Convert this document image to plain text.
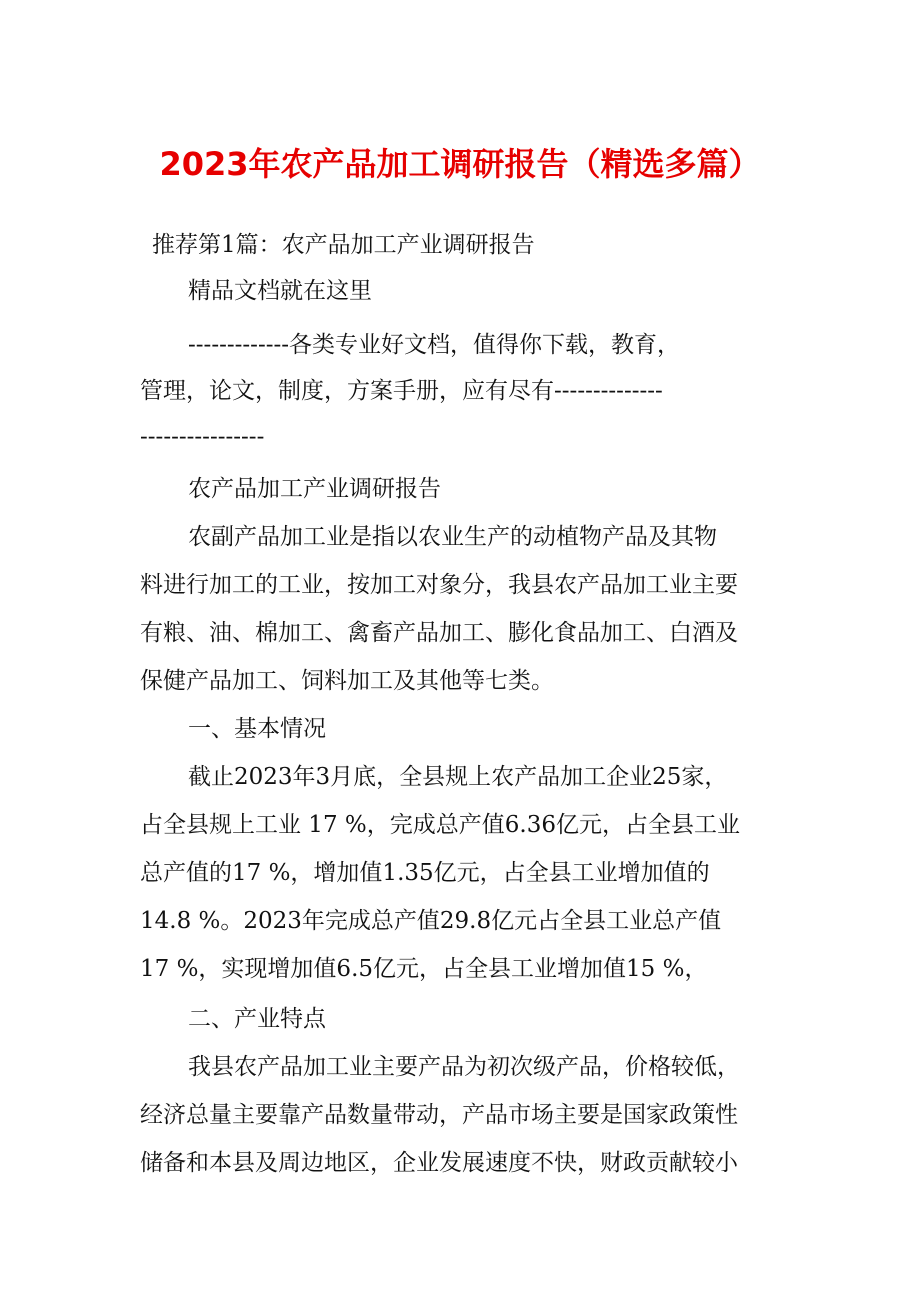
2023年农产品加工调研报告（精选多篇）
推荐第1篇：农产品加工产业调研报告
精品文档就在这里
-------------各类专业好文档，值得你下载，教育，
管理，论文，制度，方案手册，应有尽有--------------
----------------
农产品加工产业调研报告
农副产品加工业是指以农业生产的动植物产品及其物
料进行加工的工业，按加工对象分，我县农产品加工业主要
有粮、油、棉加工、禽畜产品加工、膨化食品加工、白酒及
保健产品加工、饲料加工及其他等七类。
一、基本情况
截止2023年3月底，全县规上农产品加工企业25家，
占全县规上工业 17 %，完成总产值6.36亿元，占全县工业
总产值的17 %，增加值1.35亿元，占全县工业增加值的
14.8 %。2023年完成总产值29.8亿元占全县工业总产值
17 %，实现增加值6.5亿元，占全县工业增加值15 %，
二、产业特点
我县农产品加工业主要产品为初次级产品，价格较低，
经济总量主要靠产品数量带动，产品市场主要是国家政策性
储备和本县及周边地区，企业发展速度不快，财政贡献较小
